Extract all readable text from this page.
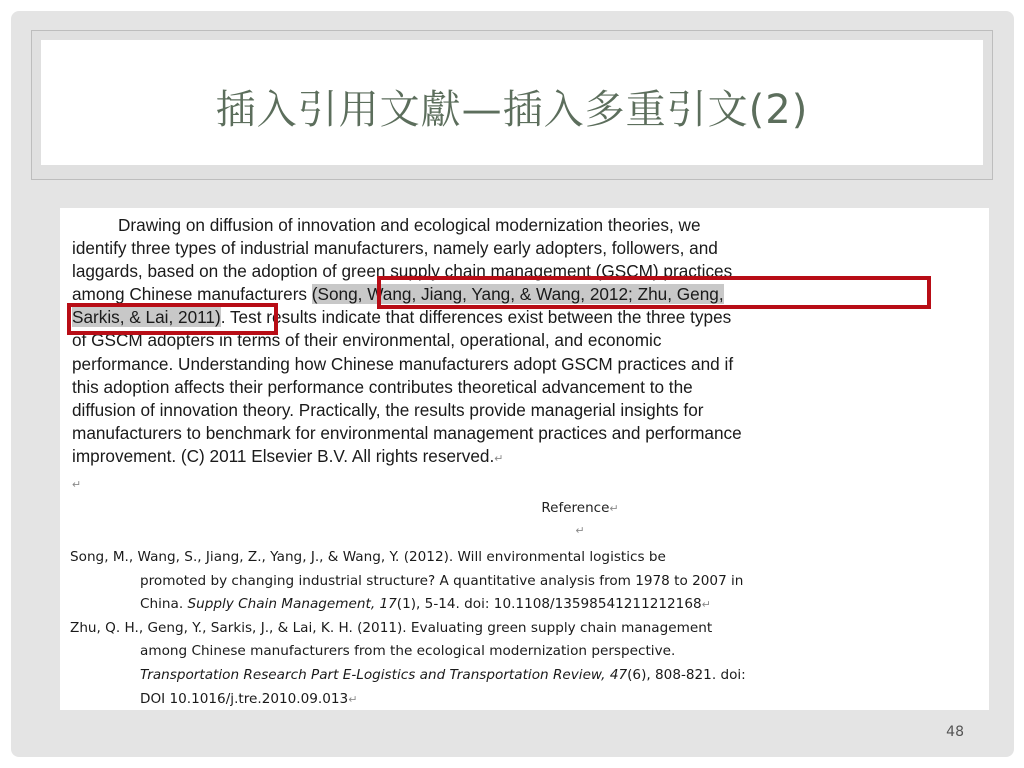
插入引用文獻—插入多重引文(2)
Drawing on diffusion of innovation and ecological modernization theories, we
identify three types of industrial manufacturers, namely early adopters, followers, and
laggards, based on the adoption of green supply chain management (GSCM) practices
among Chinese manufacturers (Song, Wang, Jiang, Yang, & Wang, 2012; Zhu, Geng,
Sarkis, & Lai, 2011). Test results indicate that differences exist between the three types
of GSCM adopters in terms of their environmental, operational, and economic
performance. Understanding how Chinese manufacturers adopt GSCM practices and if
this adoption affects their performance contributes theoretical advancement to the
diffusion of innovation theory. Practically, the results provide managerial insights for
manufacturers to benchmark for environmental management practices and performance
improvement. (C) 2011 Elsevier B.V. All rights reserved.↵
↵
Reference↵
↵
Song, M., Wang, S., Jiang, Z., Yang, J., & Wang, Y. (2012). Will environmental logistics be
promoted by changing industrial structure? A quantitative analysis from 1978 to 2007 in
China. Supply Chain Management, 17(1), 5-14. doi: 10.1108/13598541211212168↵
Zhu, Q. H., Geng, Y., Sarkis, J., & Lai, K. H. (2011). Evaluating green supply chain management
among Chinese manufacturers from the ecological modernization perspective.
Transportation Research Part E-Logistics and Transportation Review, 47(6), 808-821. doi:
DOI 10.1016/j.tre.2010.09.013↵
48
